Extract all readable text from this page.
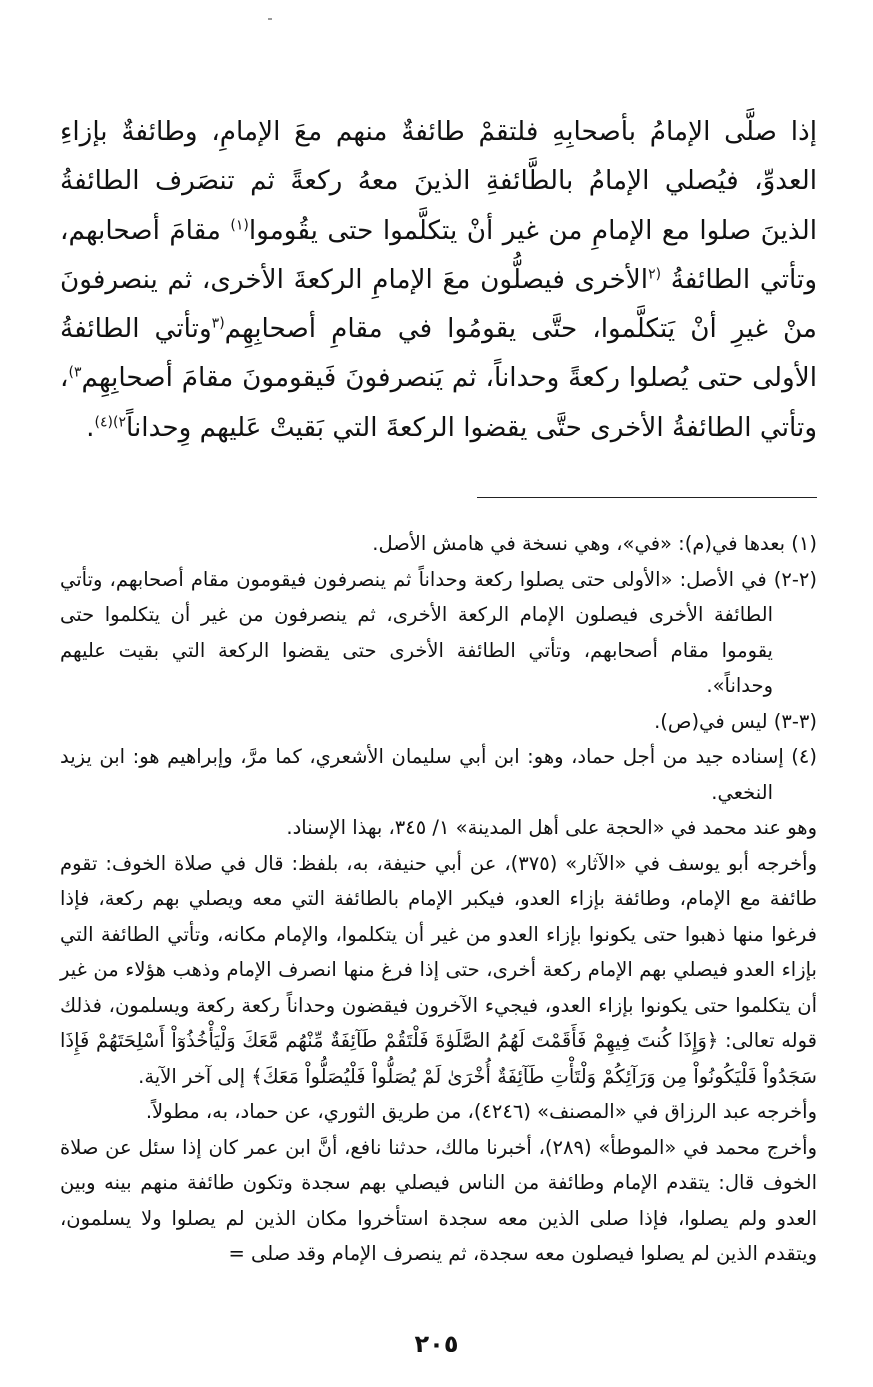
إذا صلَّى الإمامُ بأصحابِهِ فلتقمْ طائفةٌ منهم معَ الإمامِ، وطائفةٌ بإزاءِ العدوِّ، فيُصلي الإمامُ بالطَّائفةِ الذينَ معهُ ركعةً ثم تنصَرف الطائفةُ الذينَ صلوا مع الإمامِ من غير أنْ يتكلَّموا حتى يقُوموا$^{(١)}$ مقامَ أصحابهم، وتأتي الطائفةُ $^{(٢}$الأخرى فيصلُّون معَ الإمامِ الركعةَ الأخرى، ثم ينصرفونَ منْ غيرِ أنْ يَتكلَّموا، حتَّى يقومُوا في مقامِ أصحابِهِم$^{(٣}$وتأتي الطائفةُ الأولى حتى يُصلوا ركعةً وحداناً، ثم يَنصرفونَ فَيقومونَ مقامَ أصحابِهِم$^{٣)}$، وتأتي الطائفةُ الأخرى حتَّى يقضوا الركعةَ التي بَقيتْ عَليهم وِحداناً$^{٢)(٤)}$.

(١) بعدها في(م): «في»، وهي نسخة في هامش الأصل.

(٢-٢) في الأصل: «الأولى حتى يصلوا ركعة وحداناً ثم ينصرفون فيقومون مقام أصحابهم، وتأتي الطائفة الأخرى فيصلون الإمام الركعة الأخرى، ثم ينصرفون من غير أن يتكلموا حتى يقوموا مقام أصحابهم، وتأتي الطائفة الأخرى حتى يقضوا الركعة التي بقيت عليهم وحداناً».

(٣-٣) ليس في(ص).

(٤) إسناده جيد من أجل حماد، وهو: ابن أبي سليمان الأشعري، كما مرَّ، وإبراهيم هو: ابن يزيد النخعي.

وهو عند محمد في «الحجة على أهل المدينة» ١/ ٣٤٥، بهذا الإسناد.

وأخرجه أبو يوسف في «الآثار» (٣٧٥)، عن أبي حنيفة، به، بلفظ: قال في صلاة الخوف: تقوم طائفة مع الإمام، وطائفة بإزاء العدو، فيكبر الإمام بالطائفة التي معه ويصلي بهم ركعة، فإذا فرغوا منها ذهبوا حتى يكونوا بإزاء العدو من غير أن يتكلموا، والإمام مكانه، وتأتي الطائفة التي بإزاء العدو فيصلي بهم الإمام ركعة أخرى، حتى إذا فرغ منها انصرف الإمام وذهب هؤلاء من غير أن يتكلموا حتى يكونوا بإزاء العدو، فيجيء الآخرون فيقضون وحداناً ركعة ركعة ويسلمون، فذلك قوله تعالى: ﴿وَإِذَا كُنتَ فِيهِمْ فَأَقَمْتَ لَهُمُ الصَّلَوٰةَ فَلْتَقُمْ طَآئِفَةٌ مِّنْهُم مَّعَكَ وَلْيَأْخُذُوٓاْ أَسْلِحَتَهُمْ فَإِذَا سَجَدُواْ فَلْيَكُونُواْ مِن وَرَآئِكُمْ وَلْتَأْتِ طَآئِفَةٌ أُخْرَىٰ لَمْ يُصَلُّواْ فَلْيُصَلُّواْ مَعَكَ﴾ إلى آخر الآية.

وأخرجه عبد الرزاق في «المصنف» (٤٢٤٦)، من طريق الثوري، عن حماد، به، مطولاً.

وأخرج محمد في «الموطأ» (٢٨٩)، أخبرنا مالك، حدثنا نافع، أنَّ ابن عمر كان إذا سئل عن صلاة الخوف قال: يتقدم الإمام وطائفة من الناس فيصلي بهم سجدة وتكون طائفة منهم بينه وبين العدو ولم يصلوا، فإذا صلى الذين معه سجدة استأخروا مكان الذين لم يصلوا ولا يسلمون، ويتقدم الذين لم يصلوا فيصلون معه سجدة، ثم ينصرف الإمام وقد صلى =

٢٠٥
